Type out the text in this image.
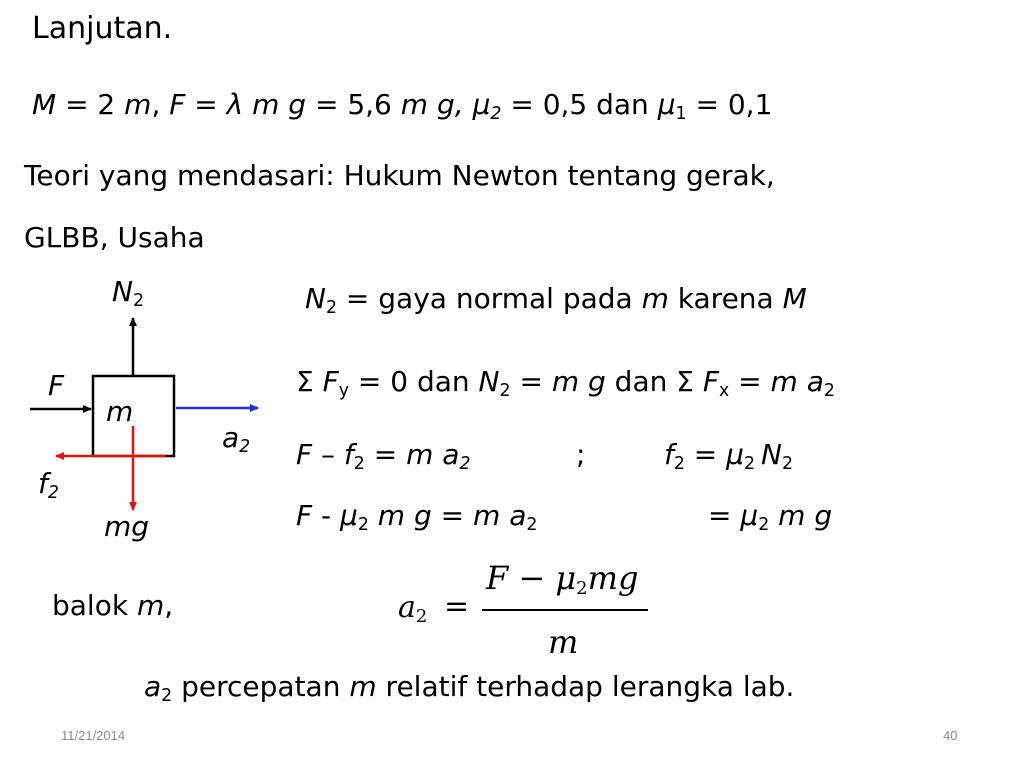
Lanjutan.
M = 2 m, F = λ m g = 5,6 m g, $\mu_2 = 0,5$ dan $\mu_1 = 0,1$
Teori yang mendasari: Hukum Newton tentang gerak,
GLBB, Usaha
$N_2$
F
m
$a_2$
$f_2$
mg
$N_2$ = gaya normal pada m karena M
Σ $F_y = 0$ dan $N_2 = m$ g dan Σ $F_x = m$ $a_2$
$F - f_2 = m$ $a_2$	;	$f_2 = \mu_2$ $N_2$
F - $\mu_2$ m g = m $a_2$	= $\mu_2$ m g
balok m,	$a_2$ =
$F - \mu_2mg$
m
$a_2$ percepatan m relatif terhadap lerangka lab.
11/21/2014	40
